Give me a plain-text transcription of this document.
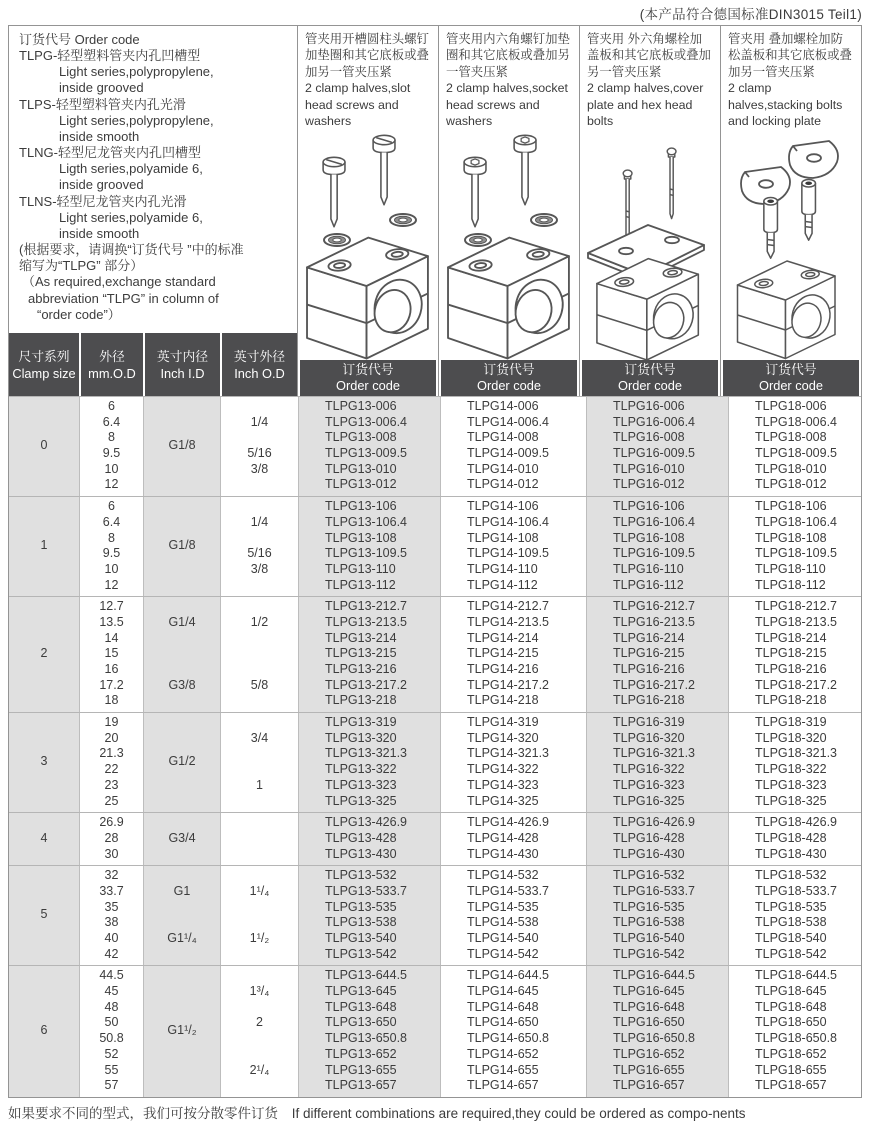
(本产品符合德国标准DIN3015 Teil1)
订货代号 Order code
TLPG-轻型塑料管夹内孔凹槽型
Light series,polypropylene,
inside grooved
TLPS-轻型塑料管夹内孔光滑
Light series,polypropylene,
inside smooth
TLNG-轻型尼龙管夹内孔凹槽型
Ligth series,polyamide 6,
inside grooved
TLNS-轻型尼龙管夹内孔光滑
Light series,polyamide 6,
inside smooth
(根据要求，请调换“订货代号 ”中的标准
缩写为“TLPG” 部分）
（As required,exchange standard
abbreviation “TLPG” in column of
“order code”）
尺寸系列
Clamp size
外径
mm.O.D
英寸内径
Inch I.D
英寸外径
Inch O.D
管夹用开槽圆柱头螺钉加垫圈和其它底板或叠加另一管夹压紧
2 clamp halves,slot head screws and washers
订货代号
Order code
管夹用内六角螺钉加垫圈和其它底板或叠加另一管夹压紧
2 clamp halves,socket head screws and washers
订货代号
Order code
管夹用 外六角螺栓加盖板和其它底板或叠加另一管夹压紧
2 clamp halves,cover plate and hex head bolts
订货代号
Order code
管夹用 叠加螺栓加防松盖板和其它底板或叠加另一管夹压紧
2 clamp halves,stacking bolts and locking plate
订货代号
Order code
0
6
6.4
8
9.5
10
12
G1/8
1/4
5/16
3/8
TLPG13-006
TLPG13-006.4
TLPG13-008
TLPG13-009.5
TLPG13-010
TLPG13-012
TLPG14-006
TLPG14-006.4
TLPG14-008
TLPG14-009.5
TLPG14-010
TLPG14-012
TLPG16-006
TLPG16-006.4
TLPG16-008
TLPG16-009.5
TLPG16-010
TLPG16-012
TLPG18-006
TLPG18-006.4
TLPG18-008
TLPG18-009.5
TLPG18-010
TLPG18-012
1
6
6.4
8
9.5
10
12
G1/8
1/4
5/16
3/8
TLPG13-106
TLPG13-106.4
TLPG13-108
TLPG13-109.5
TLPG13-110
TLPG13-112
TLPG14-106
TLPG14-106.4
TLPG14-108
TLPG14-109.5
TLPG14-110
TLPG14-112
TLPG16-106
TLPG16-106.4
TLPG16-108
TLPG16-109.5
TLPG16-110
TLPG16-112
TLPG18-106
TLPG18-106.4
TLPG18-108
TLPG18-109.5
TLPG18-110
TLPG18-112
2
12.7
13.5
14
15
16
17.2
18
G1/4
G3/8
1/2
5/8
TLPG13-212.7
TLPG13-213.5
TLPG13-214
TLPG13-215
TLPG13-216
TLPG13-217.2
TLPG13-218
TLPG14-212.7
TLPG14-213.5
TLPG14-214
TLPG14-215
TLPG14-216
TLPG14-217.2
TLPG14-218
TLPG16-212.7
TLPG16-213.5
TLPG16-214
TLPG16-215
TLPG16-216
TLPG16-217.2
TLPG16-218
TLPG18-212.7
TLPG18-213.5
TLPG18-214
TLPG18-215
TLPG18-216
TLPG18-217.2
TLPG18-218
3
19
20
21.3
22
23
25
G1/2
3/4
1
TLPG13-319
TLPG13-320
TLPG13-321.3
TLPG13-322
TLPG13-323
TLPG13-325
TLPG14-319
TLPG14-320
TLPG14-321.3
TLPG14-322
TLPG14-323
TLPG14-325
TLPG16-319
TLPG16-320
TLPG16-321.3
TLPG16-322
TLPG16-323
TLPG16-325
TLPG18-319
TLPG18-320
TLPG18-321.3
TLPG18-322
TLPG18-323
TLPG18-325
4
26.9
28
30
G3/4
TLPG13-426.9
TLPG13-428
TLPG13-430
TLPG14-426.9
TLPG14-428
TLPG14-430
TLPG16-426.9
TLPG16-428
TLPG16-430
TLPG18-426.9
TLPG18-428
TLPG18-430
5
32
33.7
35
38
40
42
G1
G1¹/₄
1¹/₄
1¹/₂
TLPG13-532
TLPG13-533.7
TLPG13-535
TLPG13-538
TLPG13-540
TLPG13-542
TLPG14-532
TLPG14-533.7
TLPG14-535
TLPG14-538
TLPG14-540
TLPG14-542
TLPG16-532
TLPG16-533.7
TLPG16-535
TLPG16-538
TLPG16-540
TLPG16-542
TLPG18-532
TLPG18-533.7
TLPG18-535
TLPG18-538
TLPG18-540
TLPG18-542
6
44.5
45
48
50
50.8
52
55
57
G1¹/₂
1³/₄
2
2¹/₄
TLPG13-644.5
TLPG13-645
TLPG13-648
TLPG13-650
TLPG13-650.8
TLPG13-652
TLPG13-655
TLPG13-657
TLPG14-644.5
TLPG14-645
TLPG14-648
TLPG14-650
TLPG14-650.8
TLPG14-652
TLPG14-655
TLPG14-657
TLPG16-644.5
TLPG16-645
TLPG16-648
TLPG16-650
TLPG16-650.8
TLPG16-652
TLPG16-655
TLPG16-657
TLPG18-644.5
TLPG18-645
TLPG18-648
TLPG18-650
TLPG18-650.8
TLPG18-652
TLPG18-655
TLPG18-657
如果要求不同的型式，我们可按分散零件订货 If different combinations are required,they could be ordered as compo-nents
